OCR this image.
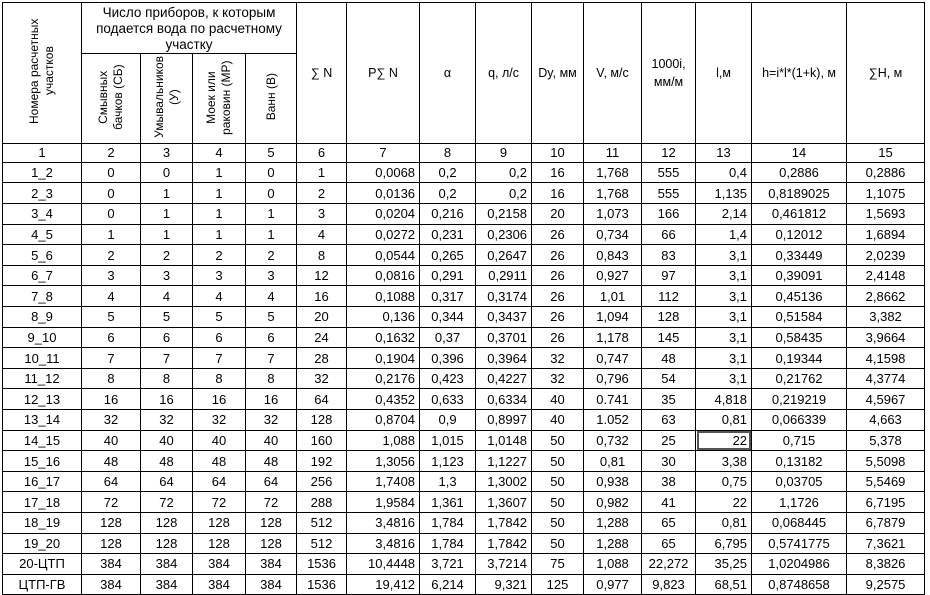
Номера расчетных участков	Число приборов, к которым подается вода по расчетному участку				∑ N	Р∑ N	α	q, л/с	Dy, мм	V, м/с	1000i, мм/м	l,м	h=i*l*(1+k), м	∑H, м
	Смывных бачков (СБ)	Умывальников (У)	Моек или раковин (МР)	Ванн (В)										
1	2	3	4	5	6	7	8	9	10	11	12	13	14	15
1_2	0	0	1	0	1	0,0068	0,2	0,2	16	1,768	555	0,4	0,2886	0,2886
2_3	0	1	1	0	2	0,0136	0,2	0,2	16	1,768	555	1,135	0,8189025	1,1075
3_4	0	1	1	1	3	0,0204	0,216	0,2158	20	1,073	166	2,14	0,461812	1,5693
4_5	1	1	1	1	4	0,0272	0,231	0,2306	26	0,734	66	1,4	0,12012	1,6894
5_6	2	2	2	2	8	0,0544	0,265	0,2647	26	0,843	83	3,1	0,33449	2,0239
6_7	3	3	3	3	12	0,0816	0,291	0,2911	26	0,927	97	3,1	0,39091	2,4148
7_8	4	4	4	4	16	0,1088	0,317	0,3174	26	1,01	112	3,1	0,45136	2,8662
8_9	5	5	5	5	20	0,136	0,344	0,3437	26	1,094	128	3,1	0,51584	3,382
9_10	6	6	6	6	24	0,1632	0,37	0,3701	26	1,178	145	3,1	0,58435	3,9664
10_11	7	7	7	7	28	0,1904	0,396	0,3964	32	0,747	48	3,1	0,19344	4,1598
11_12	8	8	8	8	32	0,2176	0,423	0,4227	32	0,796	54	3,1	0,21762	4,3774
12_13	16	16	16	16	64	0,4352	0,633	0,6334	40	0.741	35	4,818	0,219219	4,5967
13_14	32	32	32	32	128	0,8704	0,9	0,8997	40	1.052	63	0,81	0,066339	4,663
14_15	40	40	40	40	160	1,088	1,015	1,0148	50	0,732	25	22	0,715	5,378
15_16	48	48	48	48	192	1,3056	1,123	1,1227	50	0,81	30	3,38	0,13182	5,5098
16_17	64	64	64	64	256	1,7408	1,3	1,3002	50	0,938	38	0,75	0,03705	5,5469
17_18	72	72	72	72	288	1,9584	1,361	1,3607	50	0,982	41	22	1,1726	6,7195
18_19	128	128	128	128	512	3,4816	1,784	1,7842	50	1,288	65	0,81	0,068445	6,7879
19_20	128	128	128	128	512	3,4816	1,784	1,7842	50	1,288	65	6,795	0,5741775	7,3621
20-ЦТП	384	384	384	384	1536	10,4448	3,721	3,7214	75	1,088	22,272	35,25	1,0204986	8,3826
ЦТП-ГВ	384	384	384	384	1536	19,412	6,214	9,321	125	0,977	9,823	68,51	0,8748658	9,2575
